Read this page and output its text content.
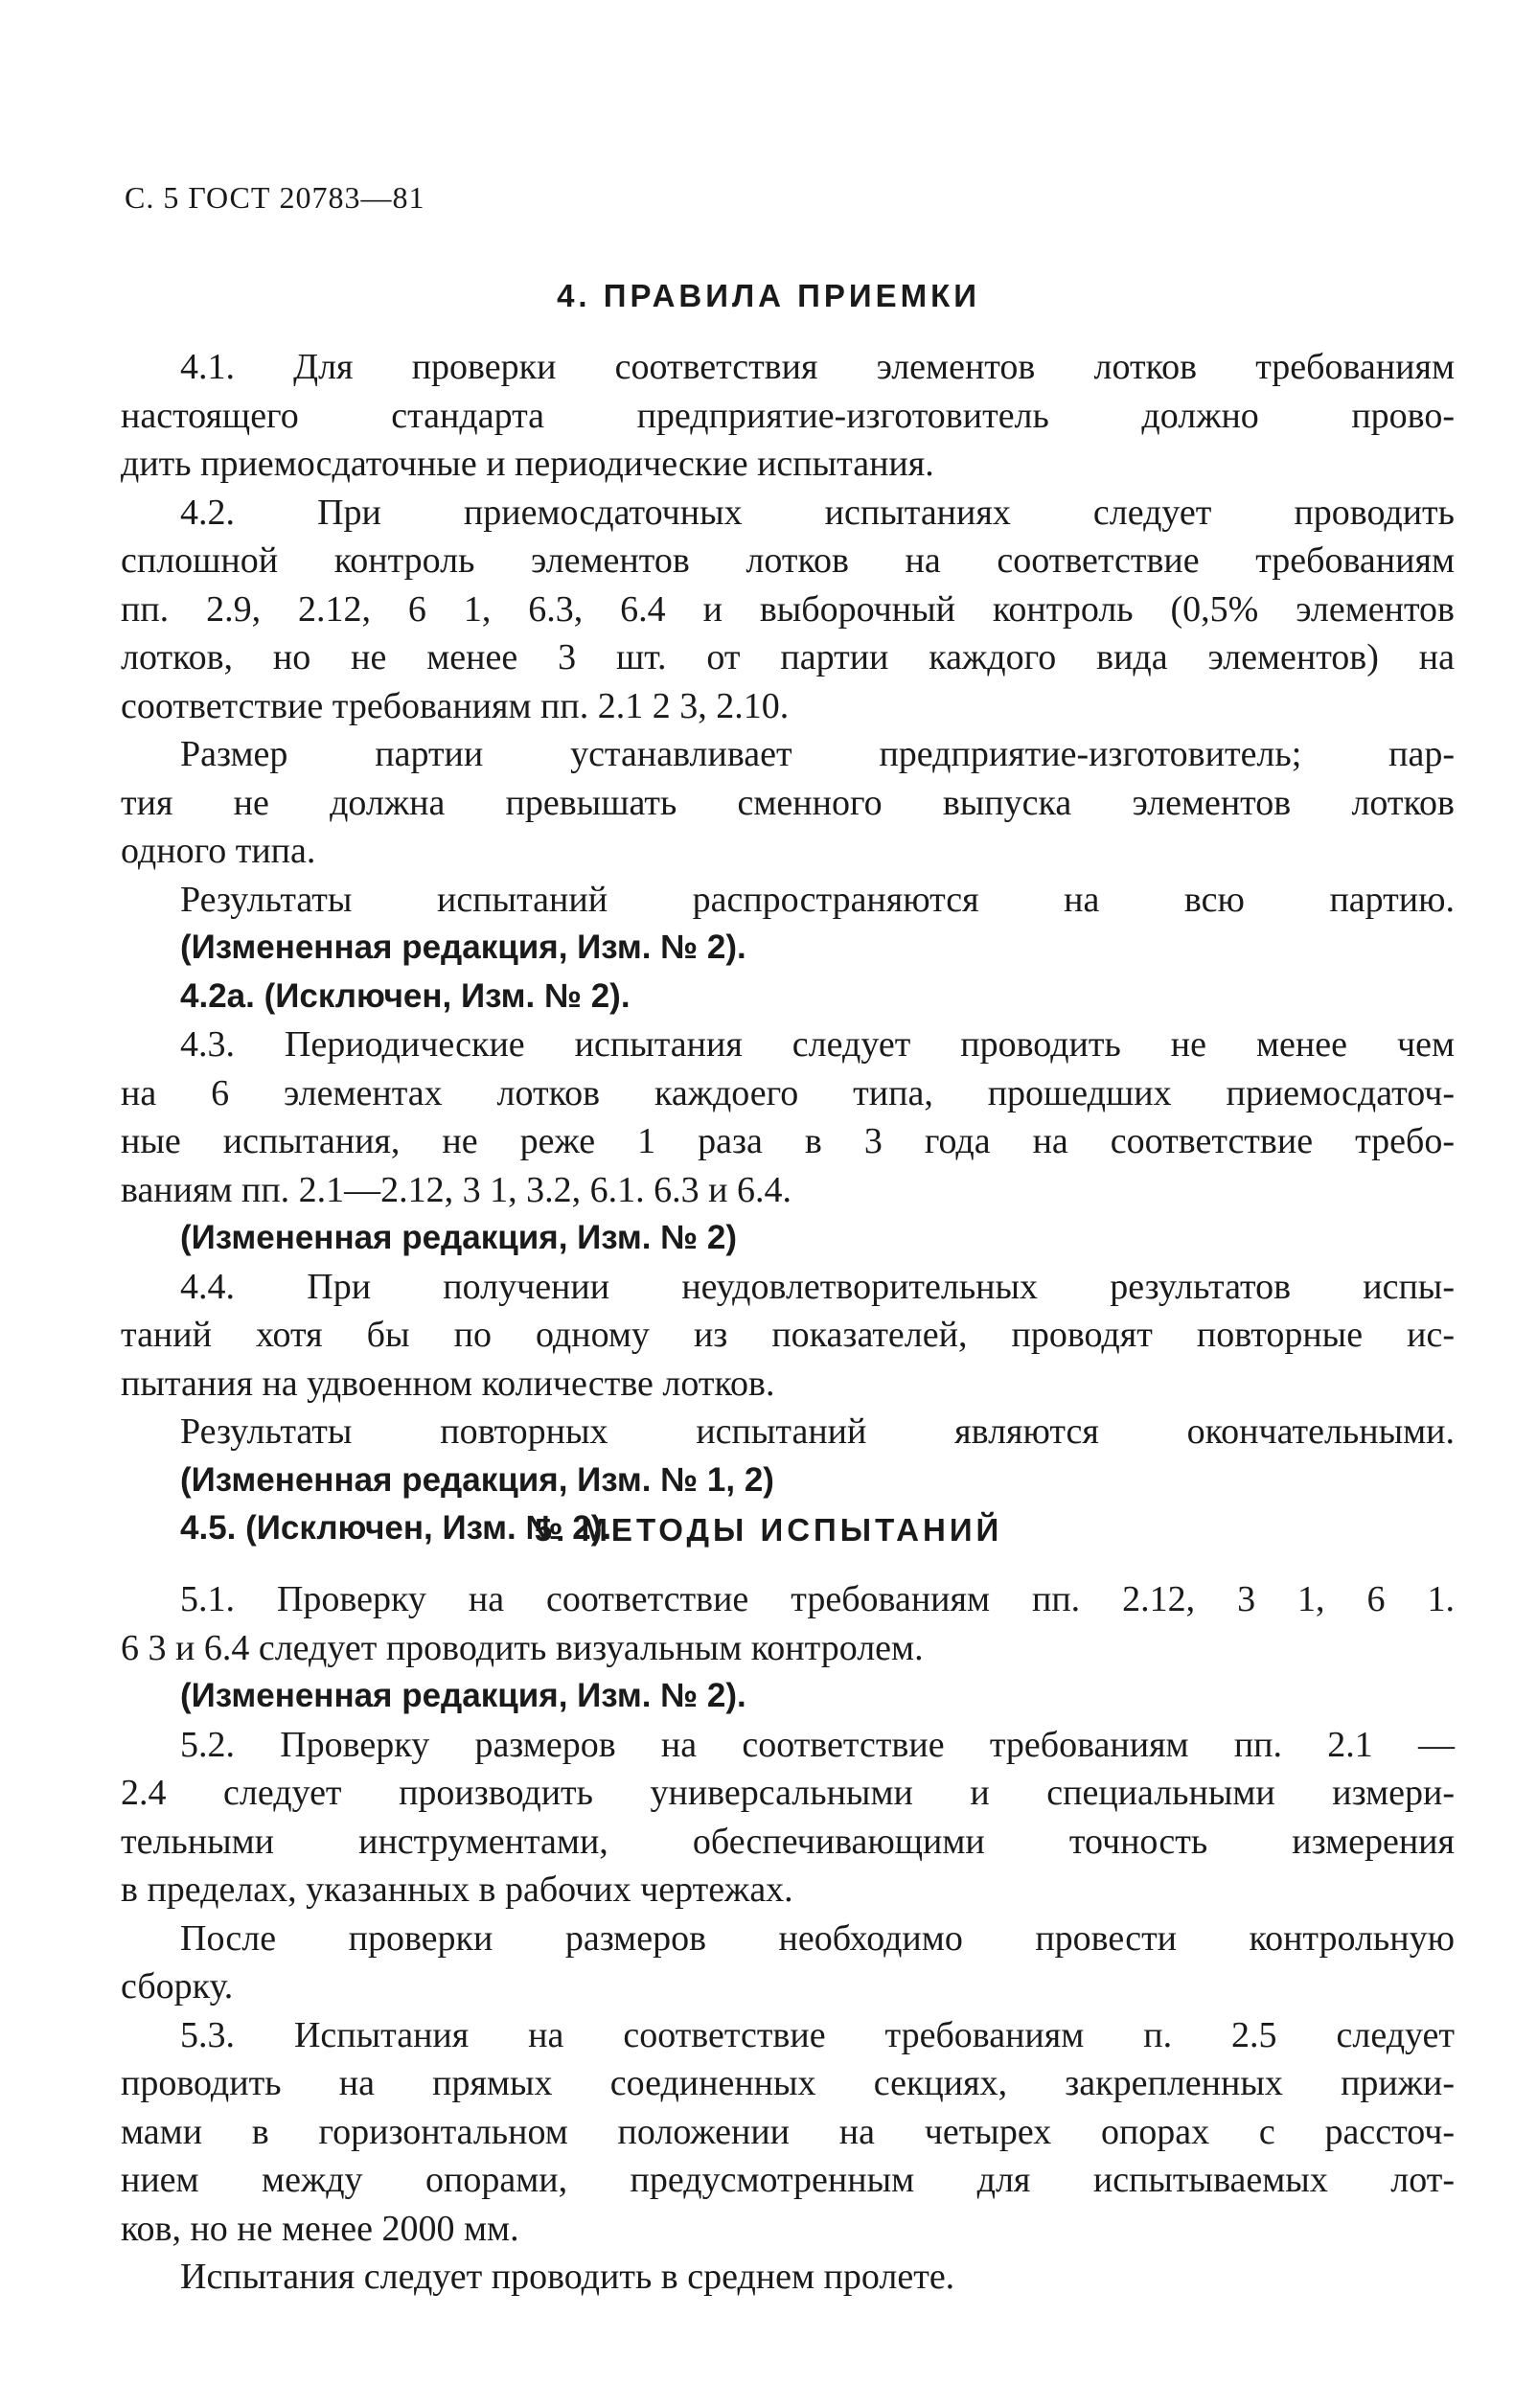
С. 5 ГОСТ 20783—81
4. ПРАВИЛА ПРИЕМКИ
4.1. Для проверки соответствия элементов лотков требованиям
настоящего стандарта предприятие-изготовитель должно прово-
дить приемосдаточные и периодические испытания.
4.2. При приемосдаточных испытаниях следует проводить
сплошной контроль элементов лотков на соответствие требованиям
пп. 2.9, 2.12, 6 1, 6.3, 6.4 и выборочный контроль (0,5% элементов
лотков, но не менее 3 шт. от партии каждого вида элементов) на
соответствие требованиям пп. 2.1 2 3, 2.10.
Размер партии устанавливает предприятие-изготовитель; пар-
тия не должна превышать сменного выпуска элементов лотков
одного типа.
Результаты испытаний распространяются на всю партию.
(Измененная редакция, Изм. № 2).
4.2а. (Исключен, Изм. № 2).
4.3. Периодические испытания следует проводить не менее чем
на 6 элементах лотков каждоего типа, прошедших приемосдаточ-
ные испытания, не реже 1 раза в 3 года на соответствие требо-
ваниям пп. 2.1—2.12, 3 1, 3.2, 6.1. 6.3 и 6.4.
(Измененная редакция, Изм. № 2)
4.4. При получении неудовлетворительных результатов испы-
таний хотя бы по одному из показателей, проводят повторные ис-
пытания на удвоенном количестве лотков.
Результаты повторных испытаний являются окончательными.
(Измененная редакция, Изм. № 1, 2)
4.5. (Исключен, Изм. № 2).
5. МЕТОДЫ ИСПЫТАНИЙ
5.1. Проверку на соответствие требованиям пп. 2.12, 3 1, 6 1.
6 3 и 6.4 следует проводить визуальным контролем.
(Измененная редакция, Изм. № 2).
5.2. Проверку размеров на соответствие требованиям пп. 2.1 —
2.4 следует производить универсальными и специальными измери-
тельными инструментами, обеспечивающими точность измерения
в пределах, указанных в рабочих чертежах.
После проверки размеров необходимо провести контрольную
сборку.
5.3. Испытания на соответствие требованиям п. 2.5 следует
проводить на прямых соединенных секциях, закрепленных прижи-
мами в горизонтальном положении на четырех опорах с рассточ-
нием между опорами, предусмотренным для испытываемых лот-
ков, но не менее 2000 мм.
Испытания следует проводить в среднем пролете.
